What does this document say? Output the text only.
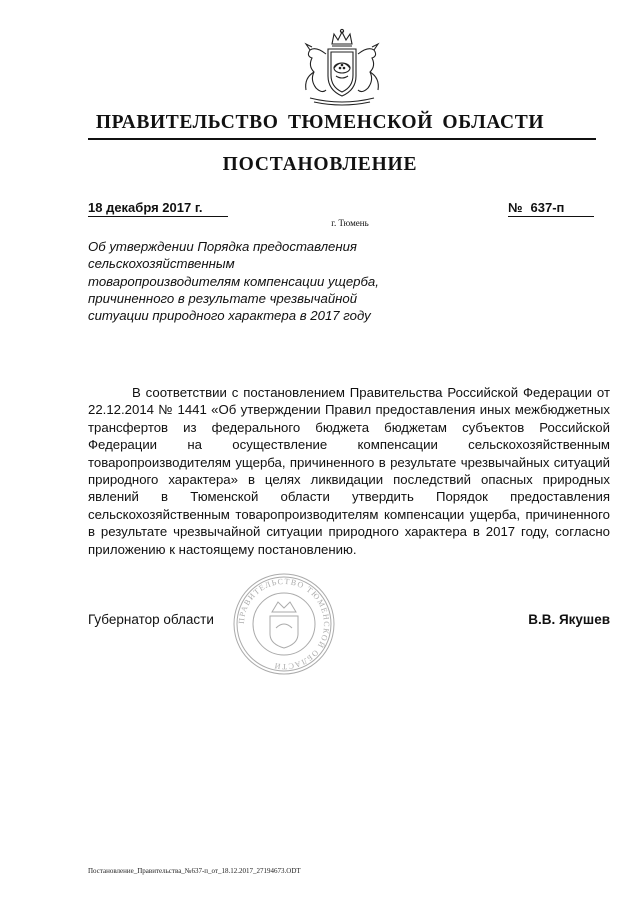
ПРАВИТЕЛЬСТВО ТЮМЕНСКОЙ ОБЛАСТИ
ПОСТАНОВЛЕНИЕ
18 декабря 2017 г.	№ 637-п
г. Тюмень
Об утверждении Порядка предоставления сельскохозяйственным товаропроизводителям компенсации ущерба, причиненного в результате чрезвычайной ситуации природного характера в 2017 году
В соответствии с постановлением Правительства Российской Федерации от 22.12.2014 № 1441 «Об утверждении Правил предоставления иных межбюджетных трансфертов из федерального бюджета бюджетам субъектов Российской Федерации на осуществление компенсации сельскохозяйственным товаропроизводителям ущерба, причиненного в результате чрезвычайных ситуаций природного характера» в целях ликвидации последствий опасных природных явлений в Тюменской области утвердить Порядок предоставления сельскохозяйственным товаропроизводителям компенсации ущерба, причиненного в результате чрезвычайной ситуации природного характера в 2017 году, согласно приложению к настоящему постановлению.
ПРАВИТЕЛЬСТВО ТЮМЕНСКОЙ ОБЛАСТИ
Губернатор области	В.В. Якушев
Постановление_Правительства_№637-п_от_18.12.2017_27194673.ODT
